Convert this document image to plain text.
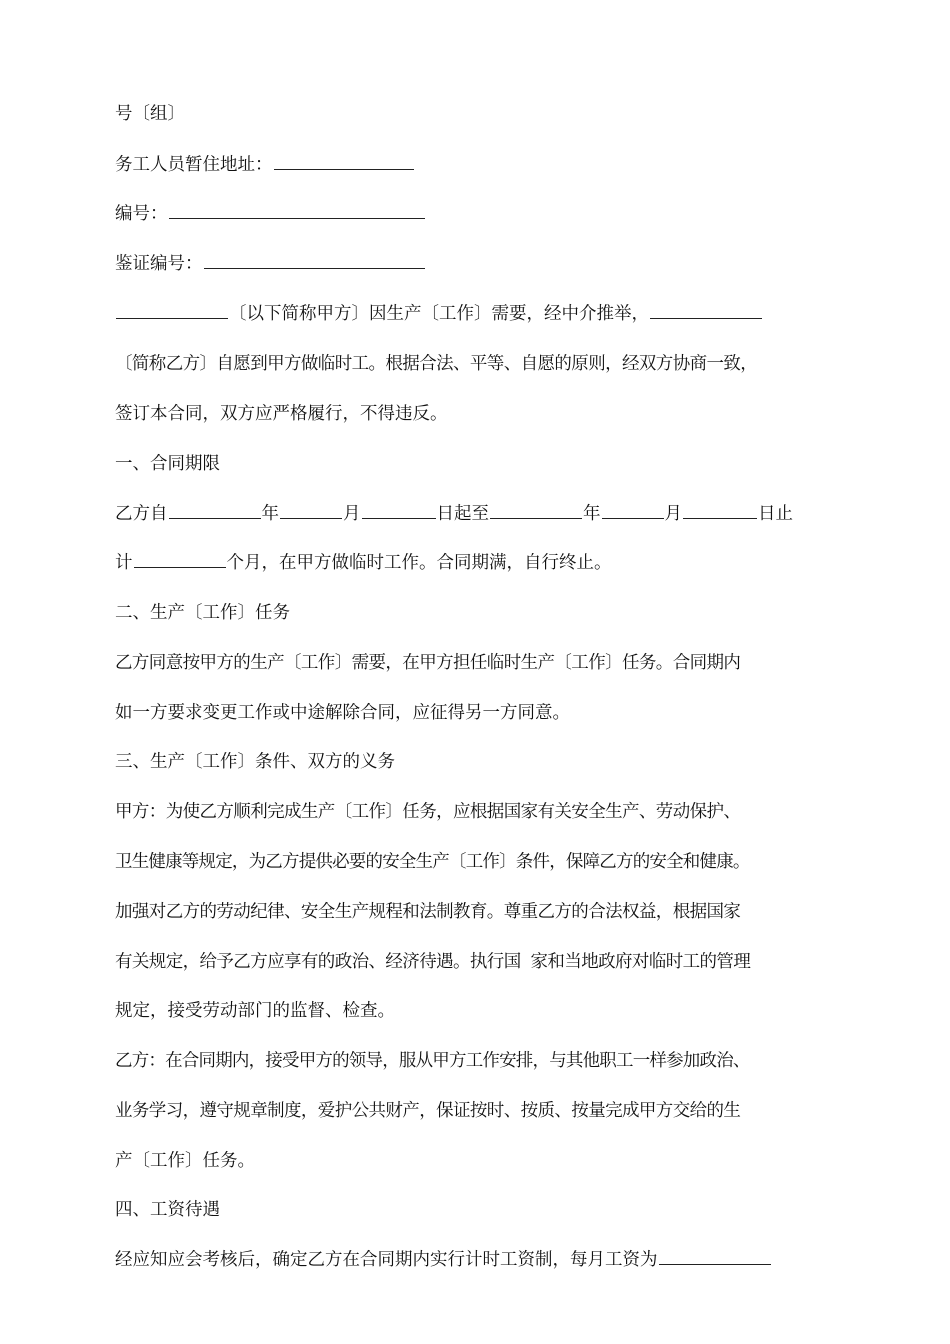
号〔组〕
务工人员暂住地址：
编号：
鉴证编号：
〔以下简称甲方〕因生产〔工作〕需要，经中介推举，
〔简称乙方〕自愿到甲方做临时工。根据合法、平等、自愿的原则，经双方协商一致，
签订本合同，双方应严格履行，不得违反。
一、合同期限
乙方自	年	月	日起至	年	月	日止
计	个月，在甲方做临时工作。合同期满，自行终止。
二、生产〔工作〕任务
乙方同意按甲方的生产〔工作〕需要，在甲方担任临时生产〔工作〕任务。合同期内
如一方要求变更工作或中途解除合同，应征得另一方同意。
三、生产〔工作〕条件、双方的义务
甲方：为使乙方顺利完成生产〔工作〕任务，应根据国家有关安全生产、劳动保护、
卫生健康等规定，为乙方提供必要的安全生产〔工作〕条件，保障乙方的安全和健康。
加强对乙方的劳动纪律、安全生产规程和法制教育。尊重乙方的合法权益，根据国家
有关规定，给予乙方应享有的政治、经济待遇。执行国  家和当地政府对临时工的管理
规定，接受劳动部门的监督、检查。
乙方：在合同期内，接受甲方的领导，服从甲方工作安排，与其他职工一样参加政治、
业务学习，遵守规章制度，爱护公共财产，保证按时、按质、按量完成甲方交给的生
产〔工作〕任务。
四、工资待遇
经应知应会考核后，确定乙方在合同期内实行计时工资制，每月工资为
